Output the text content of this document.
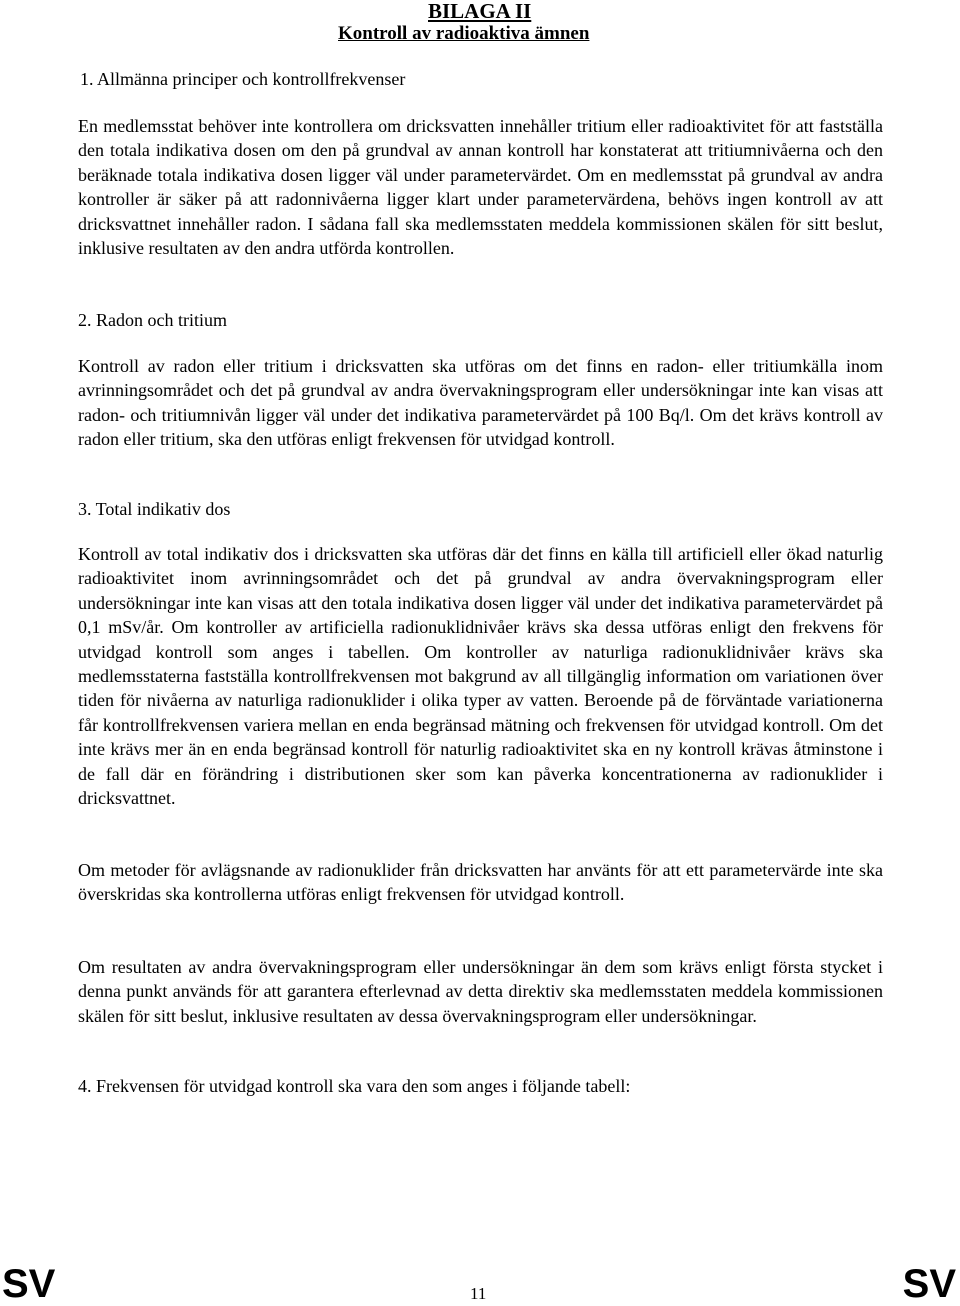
BILAGA II
Kontroll av radioaktiva ämnen
1. Allmänna principer och kontrollfrekvenser

En medlemsstat behöver inte kontrollera om dricksvatten innehåller tritium eller radioaktivitet för att fastställa den totala indikativa dosen om den på grundval av annan kontroll har konstaterat att tritiumnivåerna och den beräknade totala indikativa dosen ligger väl under parametervärdet. Om en medlemsstat på grundval av andra kontroller är säker på att radonnivåerna ligger klart under parametervärdena, behövs ingen kontroll av att dricksvattnet innehåller radon. I sådana fall ska medlemsstaten meddela kommissionen skälen för sitt beslut, inklusive resultaten av den andra utförda kontrollen.

2. Radon och tritium

Kontroll av radon eller tritium i dricksvatten ska utföras om det finns en radon- eller tritiumkälla inom avrinningsområdet och det på grundval av andra övervakningsprogram eller undersökningar inte kan visas att radon- och tritiumnivån ligger väl under det indikativa parametervärdet på 100 Bq/l. Om det krävs kontroll av radon eller tritium, ska den utföras enligt frekvensen för utvidgad kontroll.

3. Total indikativ dos

Kontroll av total indikativ dos i dricksvatten ska utföras där det finns en källa till artificiell eller ökad naturlig radioaktivitet inom avrinningsområdet och det på grundval av andra övervakningsprogram eller undersökningar inte kan visas att den totala indikativa dosen ligger väl under det indikativa parametervärdet på 0,1 mSv/år. Om kontroller av artificiella radionuklidnivåer krävs ska dessa utföras enligt den frekvens för utvidgad kontroll som anges i tabellen. Om kontroller av naturliga radionuklidnivåer krävs ska medlemsstaterna fastställa kontrollfrekvensen mot bakgrund av all tillgänglig information om variationen över tiden för nivåerna av naturliga radionuklider i olika typer av vatten. Beroende på de förväntade variationerna får kontrollfrekvensen variera mellan en enda begränsad mätning och frekvensen för utvidgad kontroll. Om det inte krävs mer än en enda begränsad kontroll för naturlig radioaktivitet ska en ny kontroll krävas åtminstone i de fall där en förändring i distributionen sker som kan påverka koncentrationerna av radionuklider i dricksvattnet.

Om metoder för avlägsnande av radionuklider från dricksvatten har använts för att ett parametervärde inte ska överskridas ska kontrollerna utföras enligt frekvensen för utvidgad kontroll.

Om resultaten av andra övervakningsprogram eller undersökningar än dem som krävs enligt första stycket i denna punkt används för att garantera efterlevnad av detta direktiv ska medlemsstaten meddela kommissionen skälen för sitt beslut, inklusive resultaten av dessa övervakningsprogram eller undersökningar.

4. Frekvensen för utvidgad kontroll ska vara den som anges i följande tabell:
SV	11	SV
